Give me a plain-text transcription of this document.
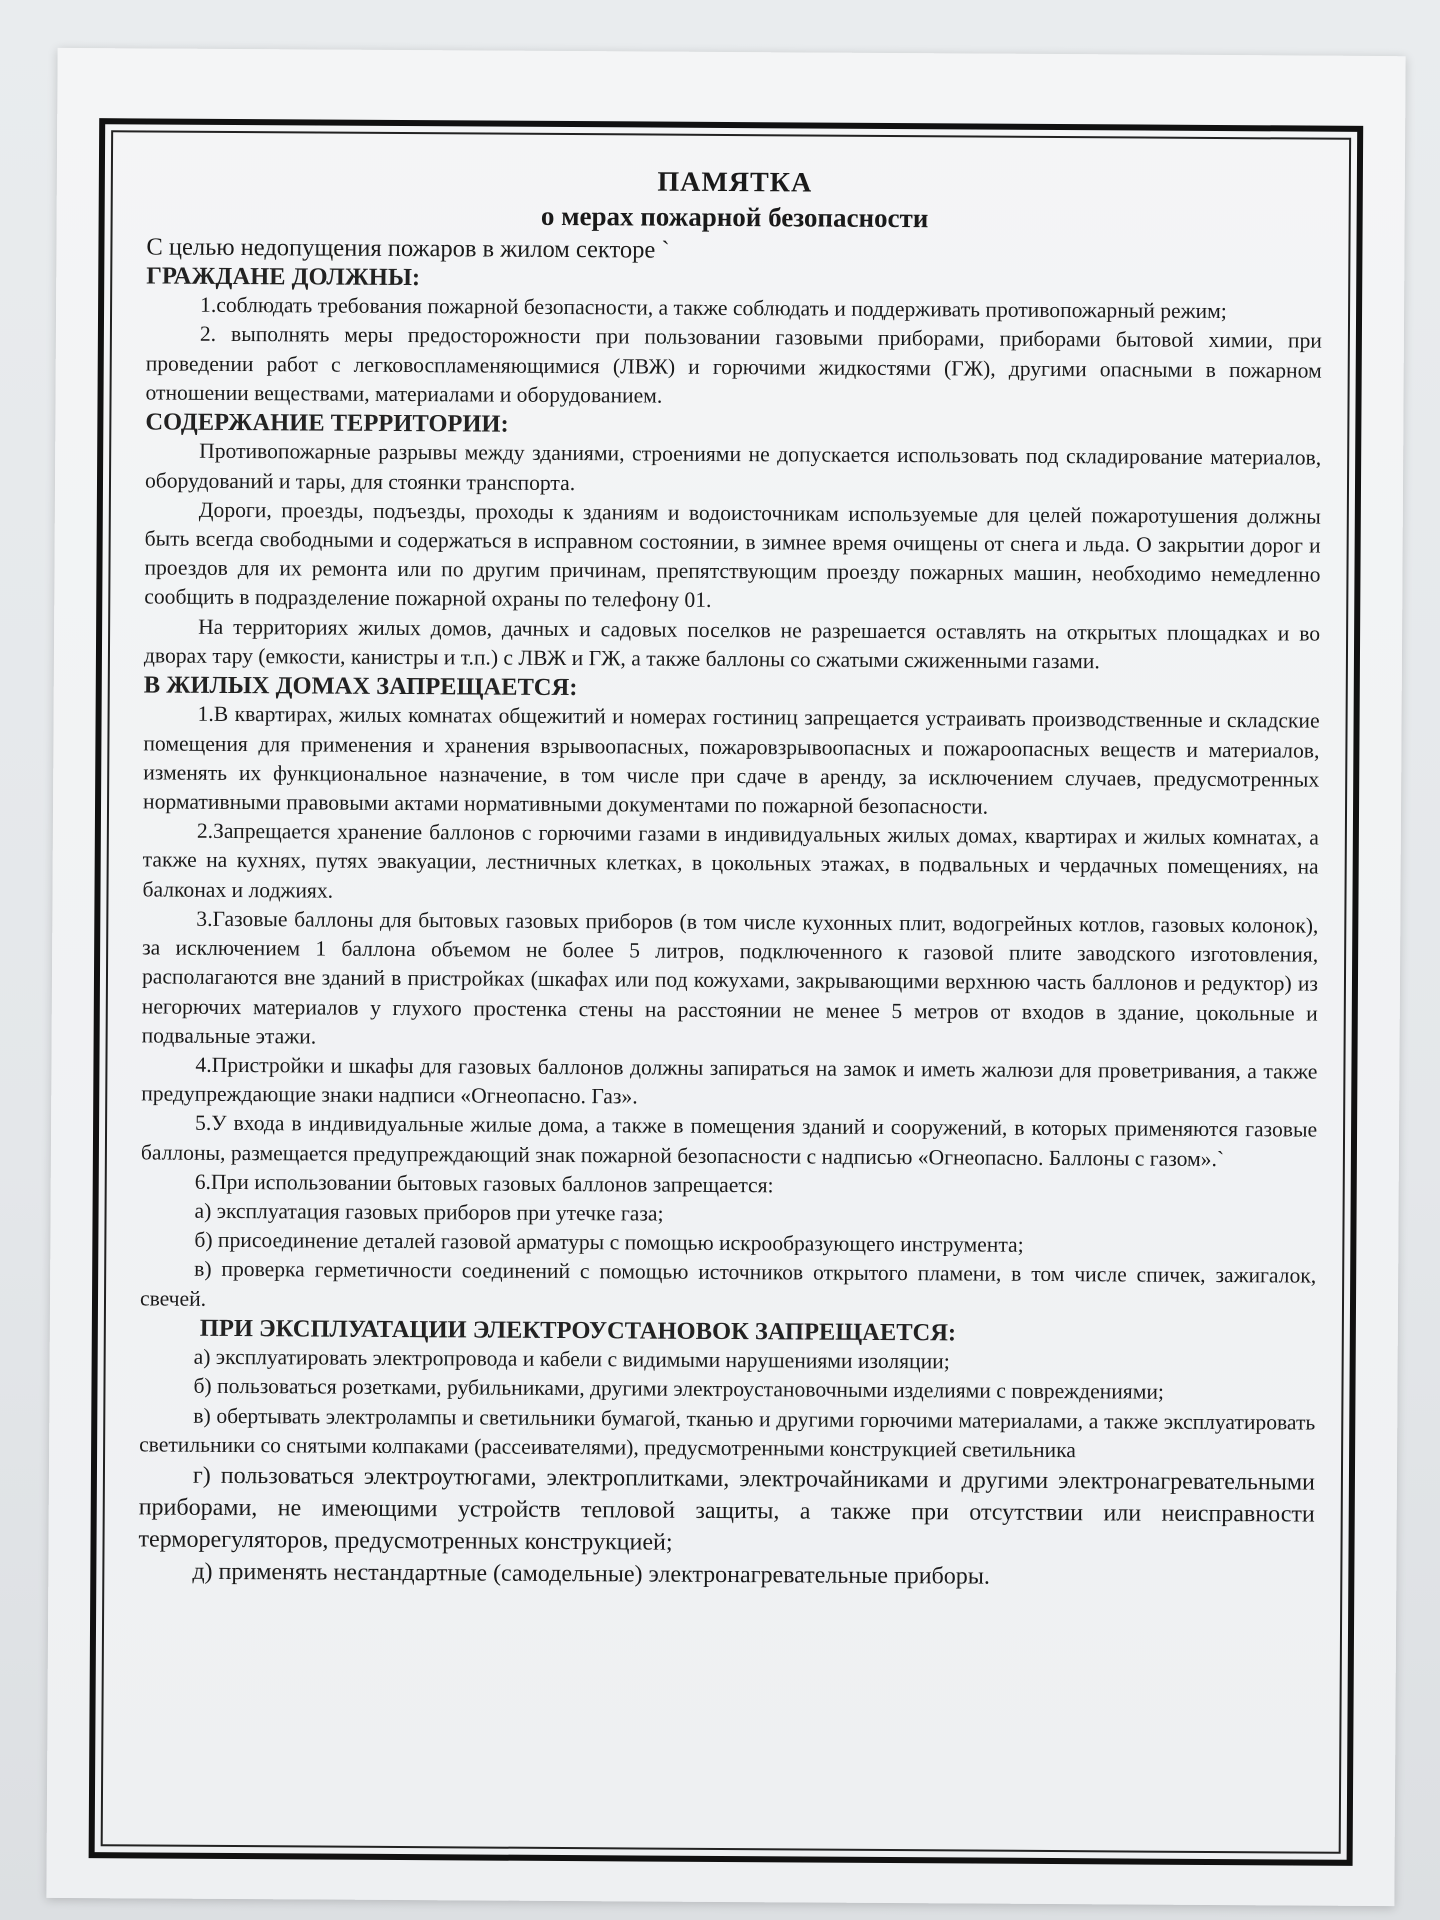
ПАМЯТКА
о мерах пожарной безопасности
С целью недопущения пожаров в жилом секторе `
ГРАЖДАНЕ ДОЛЖНЫ:

1.соблюдать требования пожарной безопасности, а также соблюдать и поддерживать противопожарный режим;

2. выполнять меры предосторожности при пользовании газовыми приборами, приборами бытовой химии, при проведении работ с легковоспламеняющимися (ЛВЖ) и горючими жидкостями (ГЖ), другими опасными в пожарном отношении веществами, материалами и оборудованием.

СОДЕРЖАНИЕ ТЕРРИТОРИИ:

Противопожарные разрывы между зданиями, строениями не допускается использовать под складирование материалов, оборудований и тары, для стоянки транспорта.

Дороги, проезды, подъезды, проходы к зданиям и водоисточникам используемые для целей пожаротушения должны быть всегда свободными и содержаться в исправном состоянии, в зимнее время очищены от снега и льда. О закрытии дорог и проездов для их ремонта или по другим причинам, препятствующим проезду пожарных машин, необходимо немедленно сообщить в подразделение пожарной охраны по телефону 01.

На территориях жилых домов, дачных и садовых поселков не разрешается оставлять на открытых площадках и во дворах тару (емкости, канистры и т.п.) с ЛВЖ и ГЖ, а также баллоны со сжатыми сжиженными газами.

В ЖИЛЫХ ДОМАХ ЗАПРЕЩАЕТСЯ:

1.В квартирах, жилых комнатах общежитий и номерах гостиниц запрещается устраивать производственные и складские помещения для применения и хранения взрывоопасных, пожаровзрывоопасных и пожароопасных веществ и материалов, изменять их функциональное назначение, в том числе при сдаче в аренду, за исключением случаев, предусмотренных нормативными правовыми актами нормативными документами по пожарной безопасности.

2.Запрещается хранение баллонов с горючими газами в индивидуальных жилых домах, квартирах и жилых комнатах, а также на кухнях, путях эвакуации, лестничных клетках, в цокольных этажах, в подвальных и чердачных помещениях, на балконах и лоджиях.

3.Газовые баллоны для бытовых газовых приборов (в том числе кухонных плит, водогрейных котлов, газовых колонок), за исключением 1 баллона объемом не более 5 литров, подключенного к газовой плите заводского изготовления, располагаются вне зданий в пристройках (шкафах или под кожухами, закрывающими верхнюю часть баллонов и редуктор) из негорючих материалов у глухого простенка стены на расстоянии не менее 5 метров от входов в здание, цокольные и подвальные этажи.

4.Пристройки и шкафы для газовых баллонов должны запираться на замок и иметь жалюзи для проветривания, а также предупреждающие знаки надписи «Огнеопасно. Газ».

5.У входа в индивидуальные жилые дома, а также в помещения зданий и сооружений, в которых применяются газовые баллоны, размещается предупреждающий знак пожарной безопасности с надписью «Огнеопасно. Баллоны с газом».`

6.При использовании бытовых газовых баллонов запрещается:

а) эксплуатация газовых приборов при утечке газа;

б) присоединение деталей газовой арматуры с помощью искрообразующего инструмента;

в) проверка герметичности соединений с помощью источников открытого пламени, в том числе спичек, зажигалок, свечей.

ПРИ ЭКСПЛУАТАЦИИ ЭЛЕКТРОУСТАНОВОК ЗАПРЕЩАЕТСЯ:

а) эксплуатировать электропровода и кабели с видимыми нарушениями изоляции;

б) пользоваться розетками, рубильниками, другими электроустановочными изделиями с повреждениями;

в) обертывать электролампы и светильники бумагой, тканью и другими горючими материалами, а также эксплуатировать светильники со снятыми колпаками (рассеивателями), предусмотренными конструкцией светильника

г) пользоваться электроутюгами, электроплитками, электрочайниками и другими электронагревательными приборами, не имеющими устройств тепловой защиты, а также при отсутствии или неисправности терморегуляторов, предусмотренных конструкцией;

д) применять нестандартные (самодельные) электронагревательные приборы.
